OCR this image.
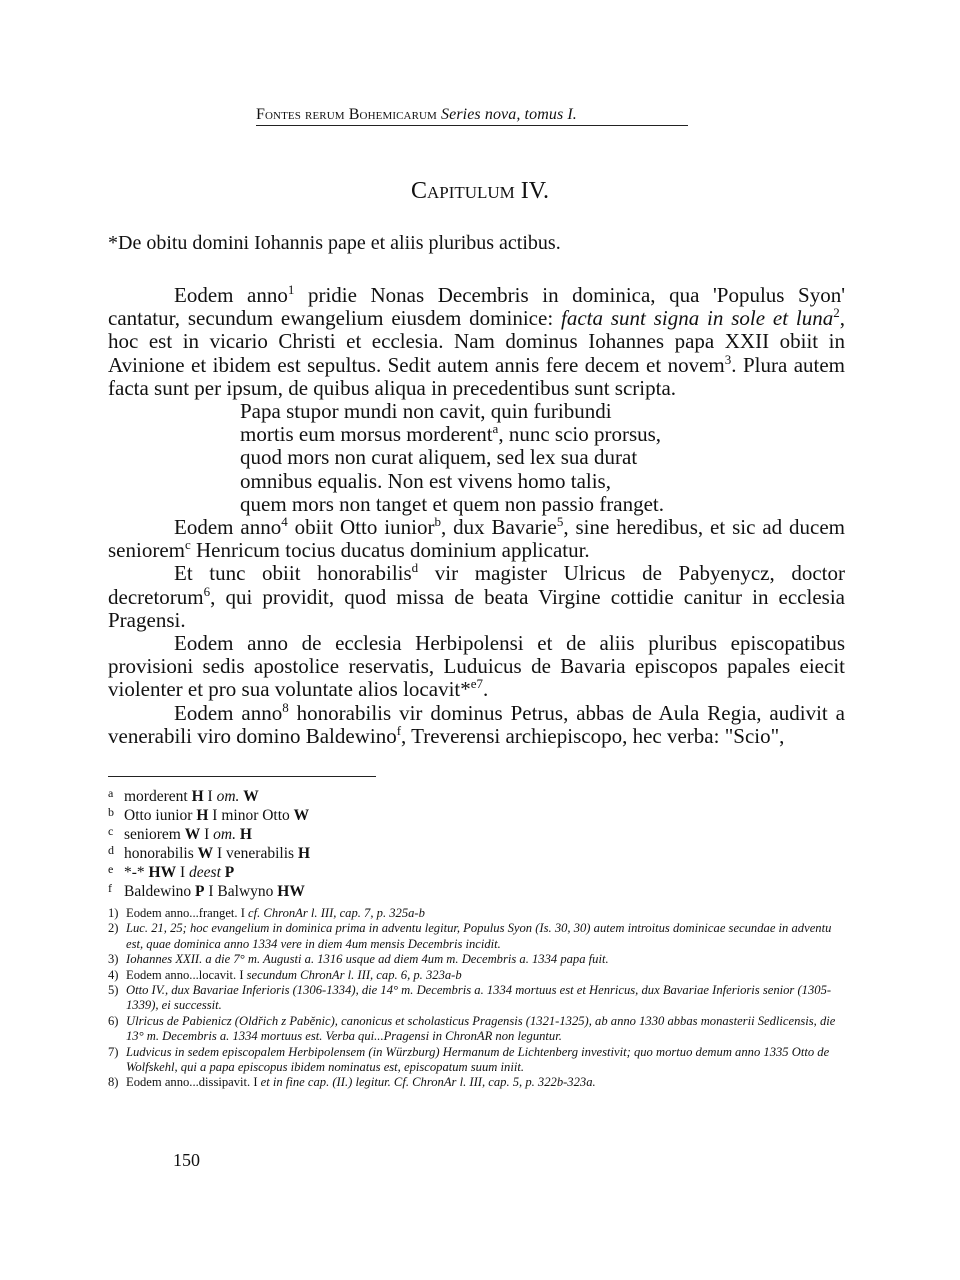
Fontes rerum Bohemicarum Series nova, tomus I.
Capitulum IV.
*De obitu domini Iohannis pape et aliis pluribus actibus.

Eodem anno$^1$ pridie Nonas Decembris in dominica, qua 'Populus Syon' cantatur, secundum ewangelium eiusdem dominice: facta sunt signa in sole et luna$^2$, hoc est in vicario Christi et ecclesia. Nam dominus Iohannes papa XXII obiit in Avinione et ibidem est sepultus. Sedit autem annis fere decem et novem$^3$. Plura autem facta sunt per ipsum, de quibus aliqua in precedentibus sunt scripta.

Papa stupor mundi non cavit, quin furibundi
mortis eum morsus morderent$^a$, nunc scio prorsus,
quod mors non curat aliquem, sed lex sua durat
omnibus equalis. Non est vivens homo talis,
quem mors non tanget et quem non passio franget.

Eodem anno$^4$ obiit Otto iunior$^b$, dux Bavarie$^5$, sine heredibus, et sic ad ducem seniorem$^c$ Henricum tocius ducatus dominium applicatur.

Et tunc obiit honorabilis$^d$ vir magister Ulricus de Pabyenycz, doctor decretorum$^6$, qui providit, quod missa de beata Virgine cottidie canitur in ecclesia Pragensi.

Eodem anno de ecclesia Herbipolensi et de aliis pluribus episcopatibus provisioni sedis apostolice reservatis, Luduicus de Bavaria episcopos papales eiecit violenter et pro sua voluntate alios locavit*$^{e7}$.

Eodem anno$^8$ honorabilis vir dominus Petrus, abbas de Aula Regia, audivit a venerabili viro domino Baldewino$^f$, Treverensi archiepiscopo, hec verba: "Scio",

a morderent H I om. W
b Otto iunior H I minor Otto W
c seniorem W I om. H
d honorabilis W I venerabilis H
e *-* HW I deest P
f Baldewino P I Balwyno HW
1) Eodem anno...franget. I cf. ChronAr l. III, cap. 7, p. 325a-b
2) Luc. 21, 25; hoc evangelium in dominica prima in adventu legitur, Populus Syon (Is. 30, 30) autem introitus dominicae secundae in adventu est, quae dominica anno 1334 vere in diem 4um mensis Decembris incidit.
3) Iohannes XXII. a die 7° m. Augusti a. 1316 usque ad diem 4um m. Decembris a. 1334 papa fuit.
4) Eodem anno...locavit. I secundum ChronAr l. III, cap. 6, p. 323a-b
5) Otto IV., dux Bavariae Inferioris (1306-1334), die 14° m. Decembris a. 1334 mortuus est et Henricus, dux Bavariae Inferioris senior (1305-1339), ei successit.
6) Ulricus de Pabienicz (Oldřich z Paběnic), canonicus et scholasticus Pragensis (1321-1325), ab anno 1330 abbas monasterii Sedlicensis, die 13° m. Decembris a. 1334 mortuus est. Verba qui...Pragensi in ChronAR non leguntur.
7) Ludvicus in sedem episcopalem Herbipolensem (in Würzburg) Hermanum de Lichtenberg investivit; quo mortuo demum anno 1335 Otto de Wolfskehl, qui a papa episcopus ibidem nominatus est, episcopatum suum iniit.
8) Eodem anno...dissipavit. I et in fine cap. (II.) legitur. Cf. ChronAr l. III, cap. 5, p. 322b-323a.
150
